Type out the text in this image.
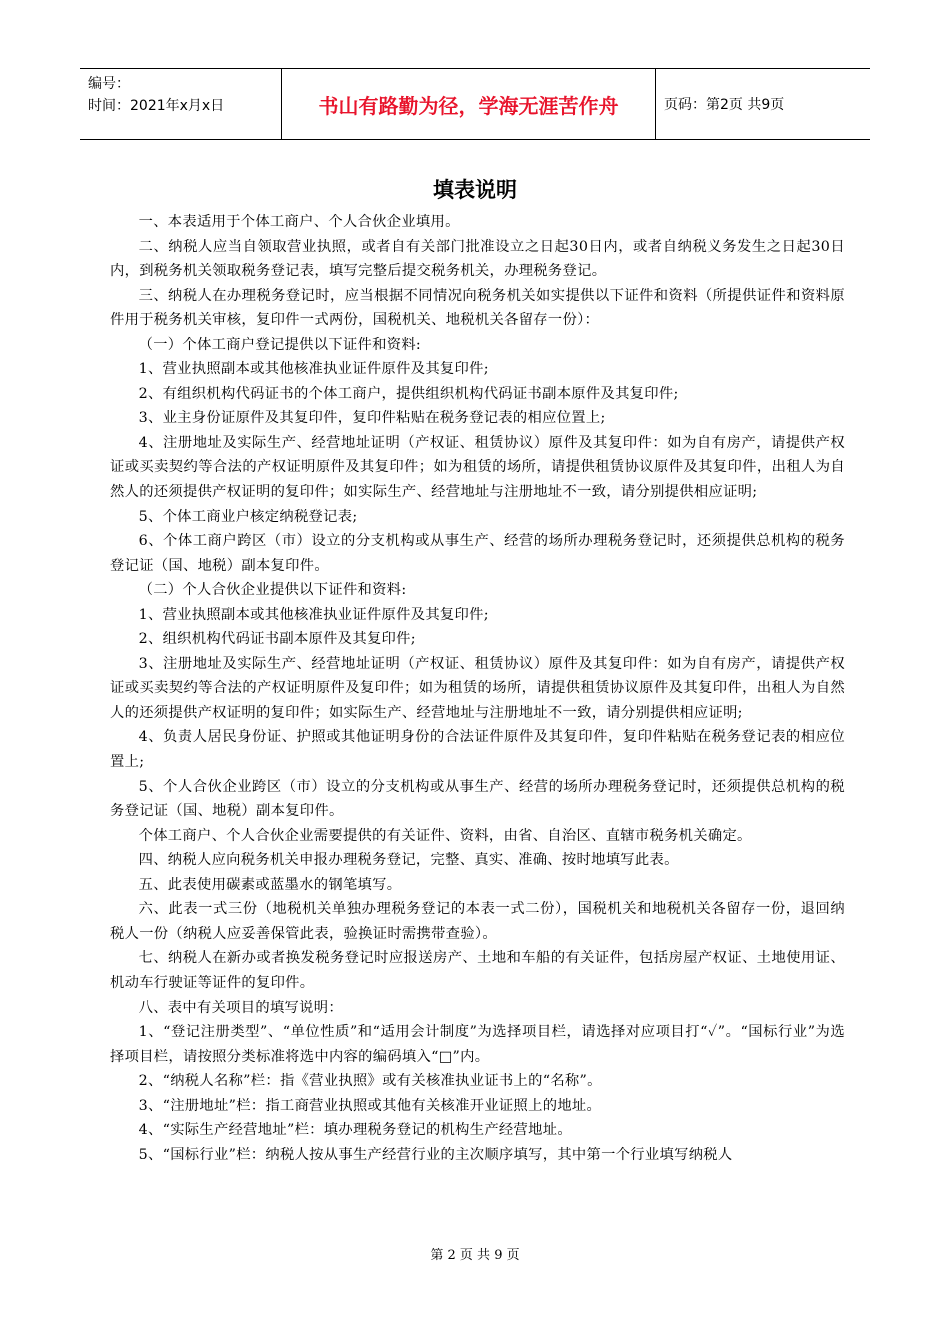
编号：
时间：2021年x月x日	书山有路勤为径，学海无涯苦作舟	页码：第2页 共9页
填表说明

一、本表适用于个体工商户、个人合伙企业填用。

二、纳税人应当自领取营业执照，或者自有关部门批准设立之日起30日内，或者自纳税义务发生之日起30日内，到税务机关领取税务登记表，填写完整后提交税务机关，办理税务登记。

三、纳税人在办理税务登记时，应当根据不同情况向税务机关如实提供以下证件和资料（所提供证件和资料原件用于税务机关审核，复印件一式两份，国税机关、地税机关各留存一份）：

（一）个体工商户登记提供以下证件和资料:

1、营业执照副本或其他核准执业证件原件及其复印件;

2、有组织机构代码证书的个体工商户，提供组织机构代码证书副本原件及其复印件;

3、业主身份证原件及其复印件，复印件粘贴在税务登记表的相应位置上;

4、注册地址及实际生产、经营地址证明（产权证、租赁协议）原件及其复印件：如为自有房产，请提供产权证或买卖契约等合法的产权证明原件及其复印件；如为租赁的场所，请提供租赁协议原件及其复印件，出租人为自然人的还须提供产权证明的复印件；如实际生产、经营地址与注册地址不一致，请分别提供相应证明;

5、个体工商业户核定纳税登记表;

6、个体工商户跨区（市）设立的分支机构或从事生产、经营的场所办理税务登记时，还须提供总机构的税务登记证（国、地税）副本复印件。

（二）个人合伙企业提供以下证件和资料:

1、营业执照副本或其他核准执业证件原件及其复印件;

2、组织机构代码证书副本原件及其复印件;

3、注册地址及实际生产、经营地址证明（产权证、租赁协议）原件及其复印件：如为自有房产，请提供产权证或买卖契约等合法的产权证明原件及复印件；如为租赁的场所，请提供租赁协议原件及其复印件，出租人为自然人的还须提供产权证明的复印件；如实际生产、经营地址与注册地址不一致，请分别提供相应证明;

4、负责人居民身份证、护照或其他证明身份的合法证件原件及其复印件，复印件粘贴在税务登记表的相应位置上;

5、个人合伙企业跨区（市）设立的分支机构或从事生产、经营的场所办理税务登记时，还须提供总机构的税务登记证（国、地税）副本复印件。

个体工商户、个人合伙企业需要提供的有关证件、资料，由省、自治区、直辖市税务机关确定。

四、纳税人应向税务机关申报办理税务登记，完整、真实、准确、按时地填写此表。

五、此表使用碳素或蓝墨水的钢笔填写。

六、此表一式三份（地税机关单独办理税务登记的本表一式二份），国税机关和地税机关各留存一份，退回纳税人一份（纳税人应妥善保管此表，验换证时需携带查验）。

七、纳税人在新办或者换发税务登记时应报送房产、土地和车船的有关证件，包括房屋产权证、土地使用证、机动车行驶证等证件的复印件。

八、表中有关项目的填写说明：

1、“登记注册类型”、“单位性质”和“适用会计制度”为选择项目栏，请选择对应项目打“✓”。“国标行业”为选择项目栏，请按照分类标准将选中内容的编码填入“□”内。

2、“纳税人名称”栏：指《营业执照》或有关核准执业证书上的“名称”。

3、“注册地址”栏：指工商营业执照或其他有关核准开业证照上的地址。

4、“实际生产经营地址”栏：填办理税务登记的机构生产经营地址。

5、“国标行业”栏：纳税人按从事生产经营行业的主次顺序填写，其中第一个行业填写纳税人

第 2 页 共 9 页
